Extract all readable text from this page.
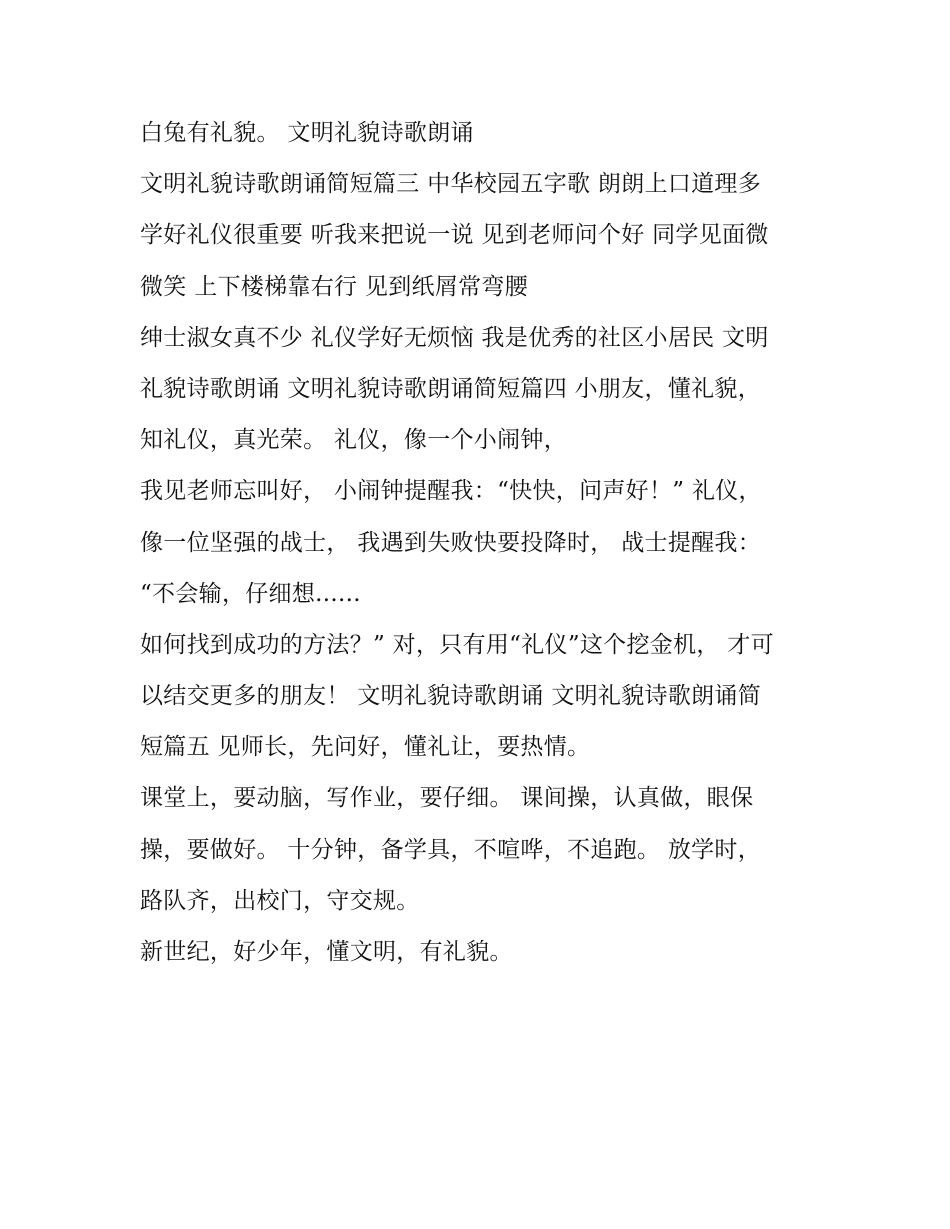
白兔有礼貌。 文明礼貌诗歌朗诵
文明礼貌诗歌朗诵简短篇三 中华校园五字歌 朗朗上口道理多
学好礼仪很重要 听我来把说一说 见到老师问个好 同学见面微
微笑 上下楼梯靠右行 见到纸屑常弯腰
绅士淑女真不少 礼仪学好无烦恼 我是优秀的社区小居民 文明
礼貌诗歌朗诵 文明礼貌诗歌朗诵简短篇四 小朋友，懂礼貌，
知礼仪，真光荣。 礼仪，像一个小闹钟，
我见老师忘叫好， 小闹钟提醒我：“快快，问声好！” 礼仪，
像一位坚强的战士， 我遇到失败快要投降时， 战士提醒我：
“不会输，仔细想......
如何找到成功的方法？” 对，只有用“礼仪”这个挖金机， 才可
以结交更多的朋友！ 文明礼貌诗歌朗诵 文明礼貌诗歌朗诵简
短篇五 见师长，先问好，懂礼让，要热情。
课堂上，要动脑，写作业，要仔细。 课间操，认真做，眼保
操，要做好。 十分钟，备学具，不喧哗，不追跑。 放学时，
路队齐，出校门，守交规。
新世纪，好少年，懂文明，有礼貌。
